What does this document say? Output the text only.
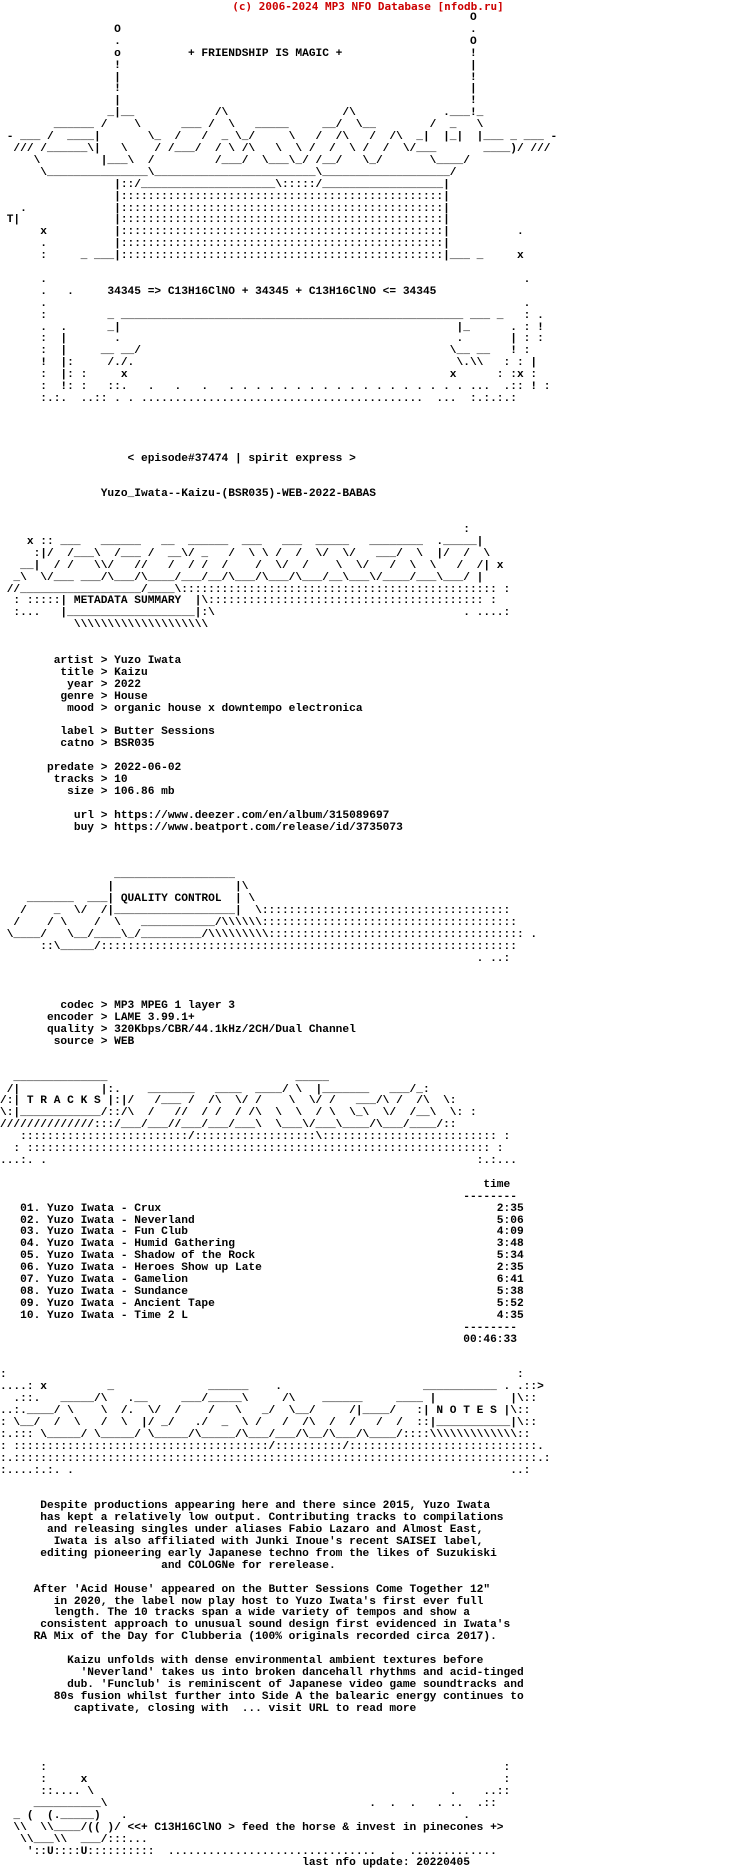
(c) 2006-2024 MP3 NFO Database [nfodb.ru]
O
O                                                    .
.                                                    O
o          + FRIENDSHIP IS MAGIC +                   !
!                                                    |
|                                                    !
!                                                    |
|                                                    !
_|__            /\                 /\             .___!_
______ /    \      ___ /  \   _____     __/  \__        /  _   \
- ___ /  ____|       \_  /   /  _ \_/     \   /  /\   /  /\  _|  |_|  |___ _ ___ -
/// /______\|   \    / /___/  / \ /\   \  \ /  /  \ /  /  \/___       ____)/ ///
\         |___\  /         /___/  \___\_/ /__/   \_/       \____/
\_______________\________________________\___________________/
|::/____________________\:::::/__________________|
|::::::::::::::::::::::::::::::::::::::::::::::::|
.             |::::::::::::::::::::::::::::::::::::::::::::::::|
T|              |::::::::::::::::::::::::::::::::::::::::::::::::|
x          |::::::::::::::::::::::::::::::::::::::::::::::::|          .
.          |::::::::::::::::::::::::::::::::::::::::::::::::|
:     _ ___|::::::::::::::::::::::::::::::::::::::::::::::::|___ _     x

.                                                                       .
.   .     34345 => C13H16ClNO + 34345 + C13H16ClNO <= 34345
.                                                                       .
:         _ ___________________________________________________ ___ _   : .
.  .      _|                                                  |_      . : !
:  |       .                                                  .       | : :
:  |     __ __/                                              \__ __   ! :
!  |:     /./.                                                \.\\   : : |
:  |: :     x                                                x      : :x :
:  !: :   ::.   .   .   .   . . . . . . . . . . . . . . . . . . ...  .:: ! :
:.:.  ..:: . . ..........................................  ...  :.:.:.:

< episode#37474 | spirit express >

Yuzo_Iwata--Kaizu-(BSR035)-WEB-2022-BABAS

:
x :: ___   ______   __  ______  ___   ___  _____   ________  ._____|
:|/  /___\  /___ /  __\/ _   /  \ \ /  /  \/  \/   ___/  \  |/  /  \
__|  / /   \\/   //   /  / /  /    /  \/  /    \  \/   /  \  \   /  /| x
_\  \/___ ___/\___/\____/___/__/\___/\___/\___/__\___\/____/___\___/ |
//__________________/____\::::::::::::::::::::::::::::::::::::::::::::::: :
: :::::| METADATA SUMMARY  |\::::::::::::::::::::::::::::::::::::::::: :
:...   |___________________|:\                                     . ....:
\\\\\\\\\\\\\\\\\\\\

artist > Yuzo Iwata
title > Kaizu
year > 2022
genre > House
mood > organic house x downtempo electronica

label > Butter Sessions
catno > BSR035

predate > 2022-06-02
tracks > 10
size > 106.86 mb

url > https://www.deezer.com/en/album/315089697
buy > https://www.beatport.com/release/id/3735073

__________________
|                  |\
_______  ___| QUALITY CONTROL  | \
/    _  \/  /|__________________|  \:::::::::::::::::::::::::::::::::::::
/    / \    /  \   ___________/\\\\\\::::::::::::::::::::::::::::::::::::::
\____/   \__/____\_/_________/\\\\\\\\\:::::::::::::::::::::::::::::::::::::: .
::\_____/::::::::::::::::::::::::::::::::::::::::::::::::::::::::::::::
. ..:

codec > MP3 MPEG 1 layer 3
encoder > LAME 3.99.1+
quality > 320Kbps/CBR/44.1kHz/2CH/Dual Channel
source > WEB

______________                            _____
/|            |:.    _______   ____  ____/ \  |_______   ___/_:
/:| T R A C K S |:|/   /___ /  /\  \/ /    \  \/ /   ___/\ /  /\  \:
\:|____________/::/\  /   //  / /  / /\  \  \  / \  \_\  \/  /__\  \: :
//////////////:::/___/___//___/___/___\  \___\/___\____/\___/____/::
:::::::::::::::::::::::::/::::::::::::::::::\:::::::::::::::::::::::::: :
: ::::::::::::::::::::::::::::::::::::::::::::::::::::::::::::::::::::: :
...:. .                                                                :.:...

time
--------
01. Yuzo Iwata - Crux                                                  2:35
02. Yuzo Iwata - Neverland                                             5:06
03. Yuzo Iwata - Fun Club                                              4:09
04. Yuzo Iwata - Humid Gathering                                       3:48
05. Yuzo Iwata - Shadow of the Rock                                    5:34
06. Yuzo Iwata - Heroes Show up Late                                   2:35
07. Yuzo Iwata - Gamelion                                              6:41
08. Yuzo Iwata - Sundance                                              5:38
09. Yuzo Iwata - Ancient Tape                                          5:52
10. Yuzo Iwata - Time 2 L                                              4:35
--------
00:46:33

:                                                                            :
....: x         _              ______    .                     ___________ . .::>
.::.   _____/\   .__     ___/_____\     /\    ______     ____ |           |\::
..:.____/ \    \  /.  \/  /    /   \   _/  \__/     /|____/   :| N O T E S |\::
: \__/  /  \   /  \  |/ _/   ./  _  \ /   /  /\  /  /   /  /  ::|___________|\::
:.::: \_____/ \_____/ \_____/\_____/\___/___/\__/\___/\____/::::\\\\\\\\\\\\\::
: ::::::::::::::::::::::::::::::::::::::/::::::::::/::::::::::::::::::::::::::::.
:.::::::::::::::::::::::::::::::::::::::::::::::::::::::::::::::::::::::::::::::.:
:....:.:. .                                                                 ..:

Despite productions appearing here and there since 2015, Yuzo Iwata
has kept a relatively low output. Contributing tracks to compilations
and releasing singles under aliases Fabio Lazaro and Almost East,
Iwata is also affiliated with Junki Inoue's recent SAISEI label,
editing pioneering early Japanese techno from the likes of Suzukiski
and COLOGNe for rerelease.

After 'Acid House' appeared on the Butter Sessions Come Together 12"
in 2020, the label now play host to Yuzo Iwata's first ever full
length. The 10 tracks span a wide variety of tempos and show a
consistent approach to unusual sound design first evidenced in Iwata's
RA Mix of the Day for Clubberia (100% originals recorded circa 2017).

Kaizu unfolds with dense environmental ambient textures before
'Neverland' takes us into broken dancehall rhythms and acid-tinged
dub. 'Funclub' is reminiscent of Japanese video game soundtracks and
80s fusion whilst further into Side A the balearic energy continues to
captivate, closing with  ... visit URL to read more

:                                                                    :
:     x                                                              :
::.... \                                                     .    ..::
__________\                                       .  .  .   . ..  .::
_ (  (._____)   .                                                  .
\\  \\____/(( )/ <<+ C13H16ClNO > feed the horse & invest in pinecones +>
\\___\\  ___/:::...
'::U::::U::::::::::  ...............................  .  .............
last nfo update: 20220405
